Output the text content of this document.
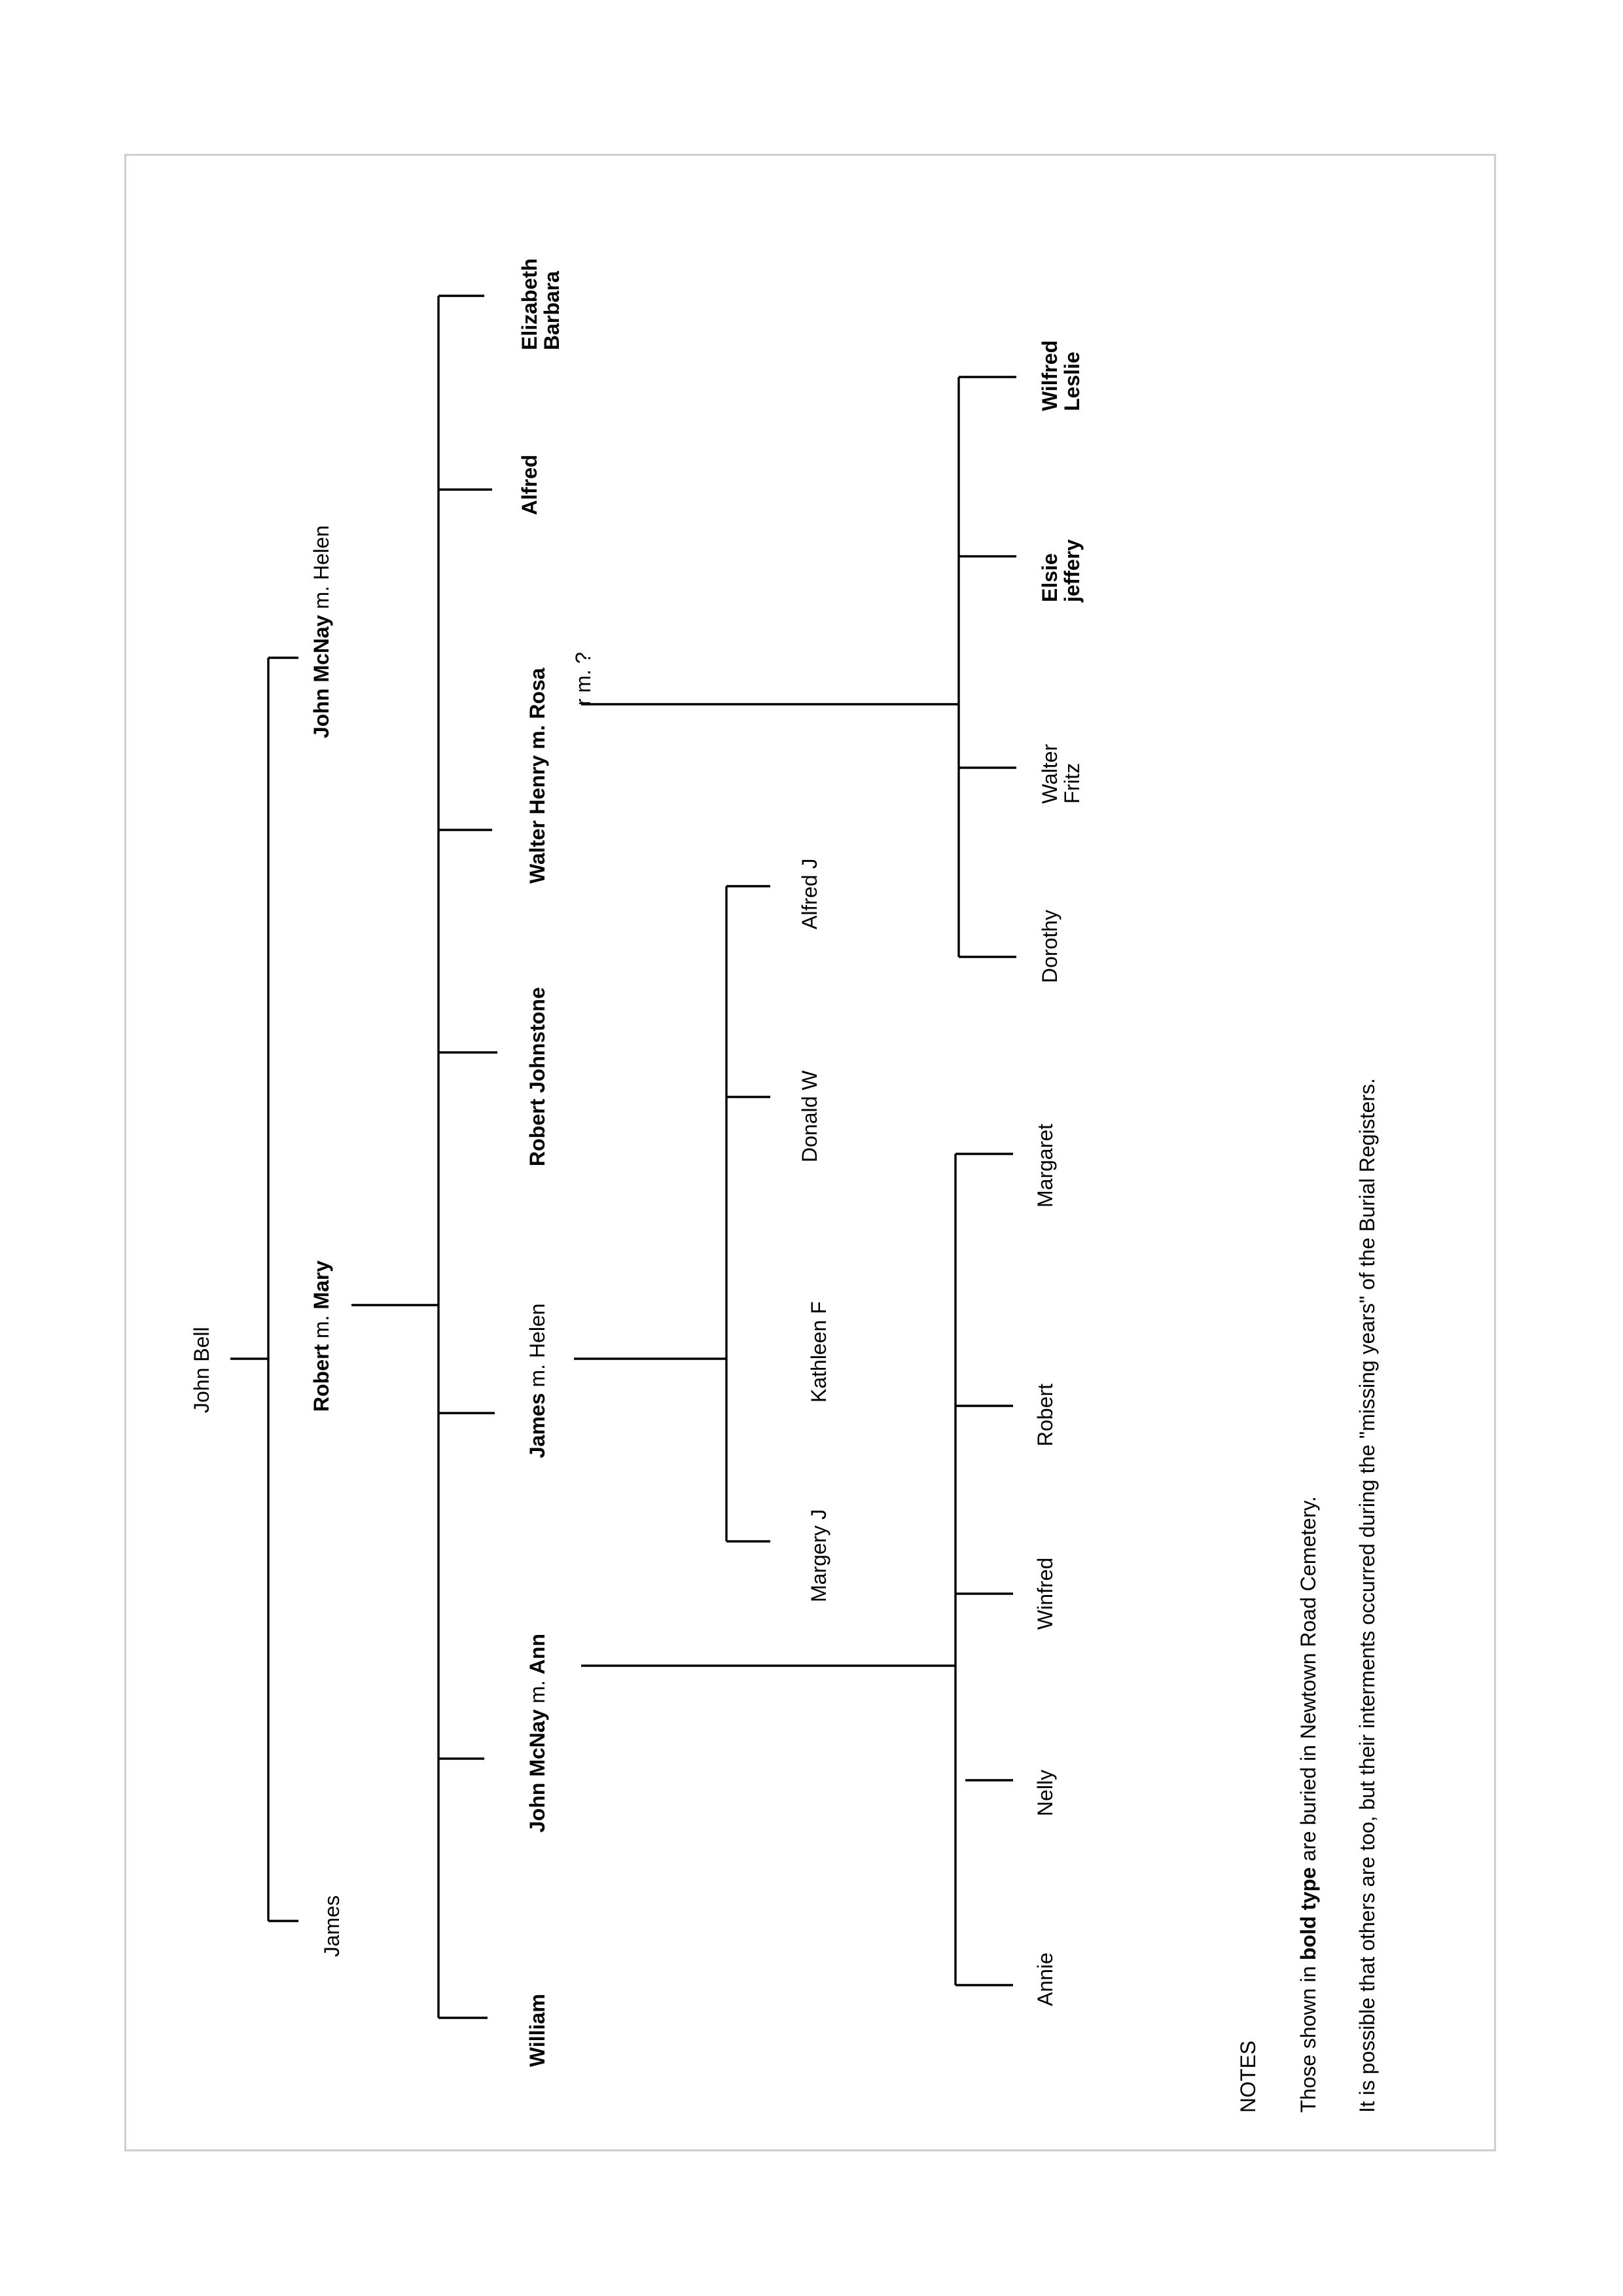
John Bell
James
Robert m. Mary
John McNay m. Helen
William
John McNay m. Ann
James m. Helen
Robert Johnstone
Walter Henry m. Rosa r m. ?
Alfred
Elizabeth Barbara
Margery J
Kathleen F
Donald W
Alfred J
Annie
Nelly
Winfred
Robert
Margaret
Dorothy
Walter Fritz
Elsie jeffery
Wilfred Leslie
NOTES Those shown in bold type are buried in Newtown Road Cemetery. It is possible that others are too, but their interments occurred during the "missing years" of the Burial Registers.
